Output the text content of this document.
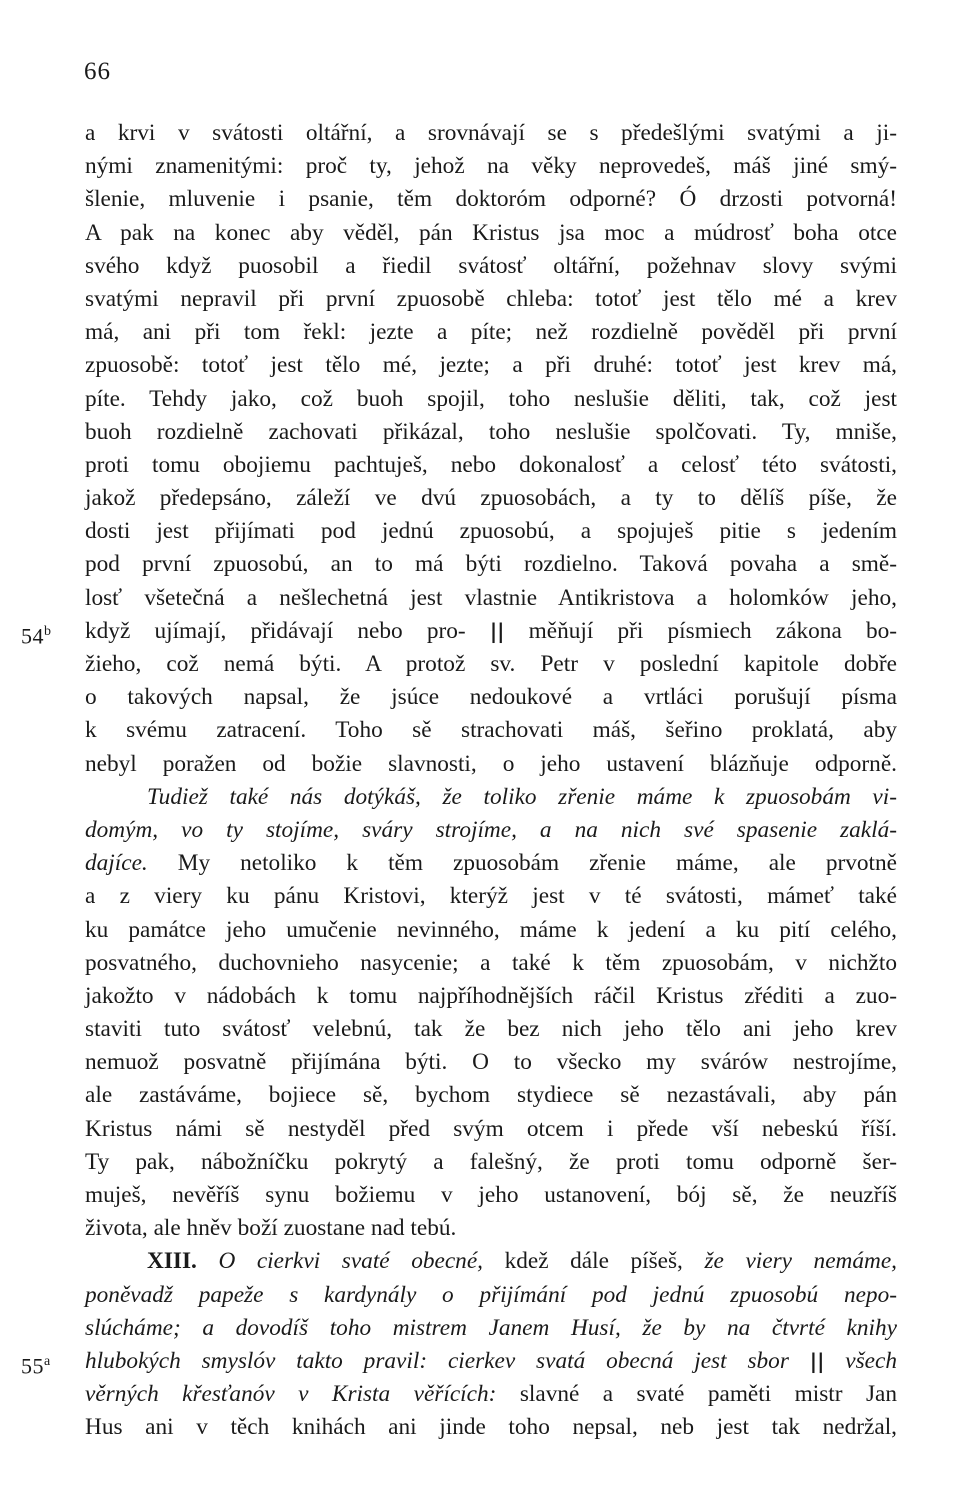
66
a krvi v svátosti oltářní, a srovnávají se s předešlými svatými a ji-
nými znamenitými: proč ty, jehož na věky neprovedeš, máš jiné smý-
šlenie, mluvenie i psanie, těm doktoróm odporné? Ó drzosti potvorná!
A pak na konec aby věděl, pán Kristus jsa moc a múdrosť boha otce
svého když puosobil a řiedil svátosť oltářní, požehnav slovy svými
svatými nepravil při první zpuosobě chleba: totoť jest tělo mé a krev
má, ani při tom řekl: jezte a píte; než rozdielně pověděl při první
zpuosobě: totoť jest tělo mé, jezte; a při druhé: totoť jest krev má,
píte. Tehdy jako, což buoh spojil, toho neslušie děliti, tak, což jest
buoh rozdielně zachovati přikázal, toho neslušie spolčovati. Ty, mniše,
proti tomu obojiemu pachtuješ, nebo dokonalosť a celosť této svátosti,
jakož předepsáno, záleží ve dvú zpuosobách, a ty to dělíš píše, že
dosti jest přijímati pod jednú zpuosobú, a spojuješ pitie s jedením
pod první zpuosobú, an to má býti rozdielno. Taková povaha a smě-
losť všetečná a nešlechetná jest vlastnie Antikristova a holomków jeho,
54$^b$ když ujímají, přidávají nebo pro- || měňují při písmiech zákona bo-
žieho, což nemá býti. A protož sv. Petr v poslední kapitole dobře
o takových napsal, že jsúce nedoukové a vrtláci porušují písma
k svému zatracení. Toho sě strachovati máš, šeřino proklatá, aby
nebyl poražen od božie slavnosti, o jeho ustavení blázňuje odporně.
Tudiež také nás dotýkáš, že toliko zřenie máme k zpuosobám vi-
domým, vo ty stojíme, sváry strojíme, a na nich své spasenie zaklá-
dajíce. My netoliko k těm zpuosobám zřenie máme, ale prvotně
a z viery ku pánu Kristovi, kterýž jest v té svátosti, mámeť také
ku památce jeho umučenie nevinného, máme k jedení a ku pití celého,
posvatného, duchovnieho nasycenie; a také k těm zpuosobám, v nichžto
jakožto v nádobách k tomu najpříhodnějších ráčil Kristus zřéditi a zuo-
staviti tuto svátosť velebnú, tak že bez nich jeho tělo ani jeho krev
nemuož posvatně přijímána býti. O to všecko my svárów nestrojíme,
ale zastáváme, bojiece sě, bychom stydiece sě nezastávali, aby pán
Kristus námi sě nestyděl před svým otcem i přede vší nebeskú říší.
Ty pak, nábožníčku pokrytý a falešný, že proti tomu odporně šer-
muješ, nevěříš synu božiemu v jeho ustanovení, bój sě, že neuzříš
života, ale hněv boží zuostane nad tebú.
XIII. O cierkvi svaté obecné, kdež dále píšeš, že viery nemáme,
poněvadž papeže s kardynály o přijímání pod jednú zpuosobú nepo-
slúcháme; a dovodíš toho mistrem Janem Husí, že by na čtvrté knihy
55$^a$ hlubokých smyslóv takto pravil: cierkev svatá obecná jest sbor || všech
věrných křesťanóv v Krista věřících: slavné a svaté paměti mistr Jan
Hus ani v těch knihách ani jinde toho nepsal, neb jest tak nedržal,
